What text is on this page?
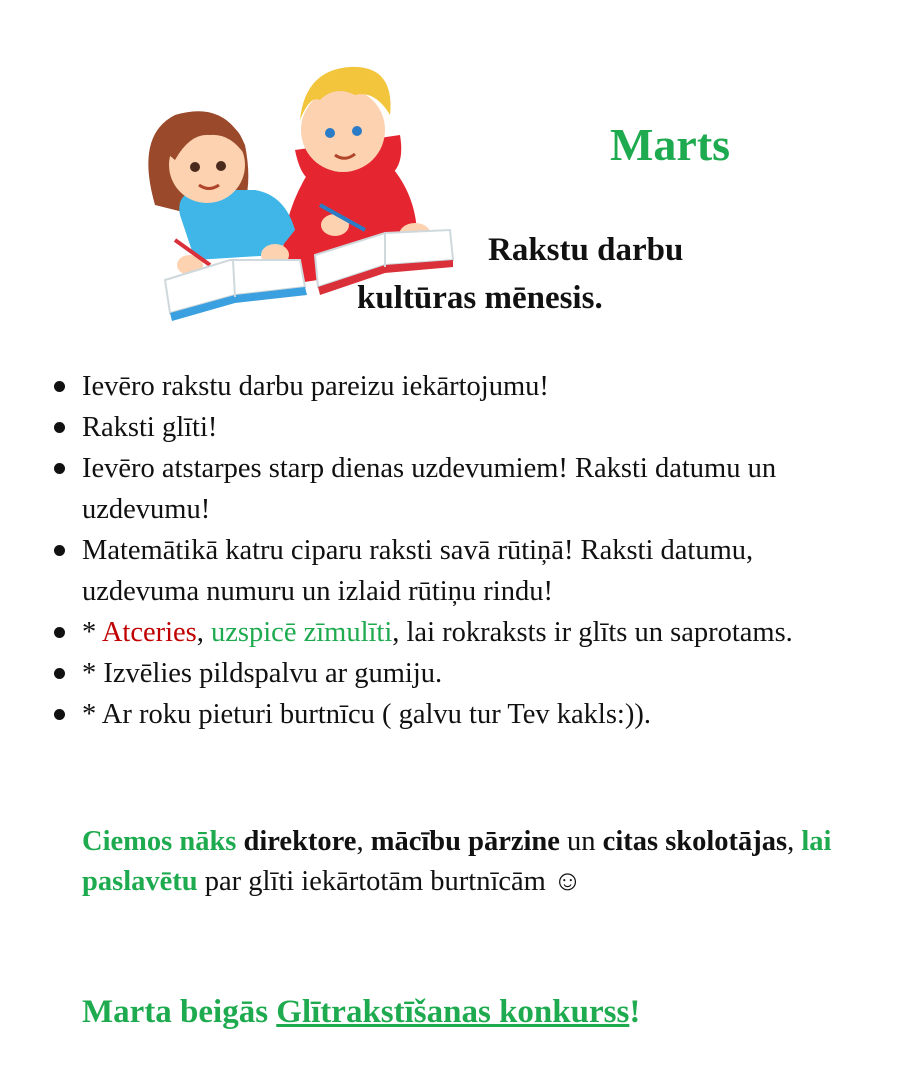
Marts
Rakstu darbu
kultūras mēnesis.
Ievēro rakstu darbu pareizu iekārtojumu!
Raksti glīti!
Ievēro atstarpes starp dienas uzdevumiem! Raksti datumu un uzdevumu!
Matemātikā katru ciparu raksti savā rūtiņā! Raksti datumu, uzdevuma numuru un izlaid rūtiņu rindu!
* Atceries, uzspicē zīmulīti, lai rokraksts ir glīts un saprotams.
* Izvēlies pildspalvu ar gumiju.
* Ar roku pieturi burtnīcu ( galvu tur Tev kakls:)).

Ciemos nāks direktore, mācību pārzine un citas skolotājas, lai paslavētu par glīti iekārtotām burtnīcām ☺

Marta beigās Glītrakstīšanas konkurss!
